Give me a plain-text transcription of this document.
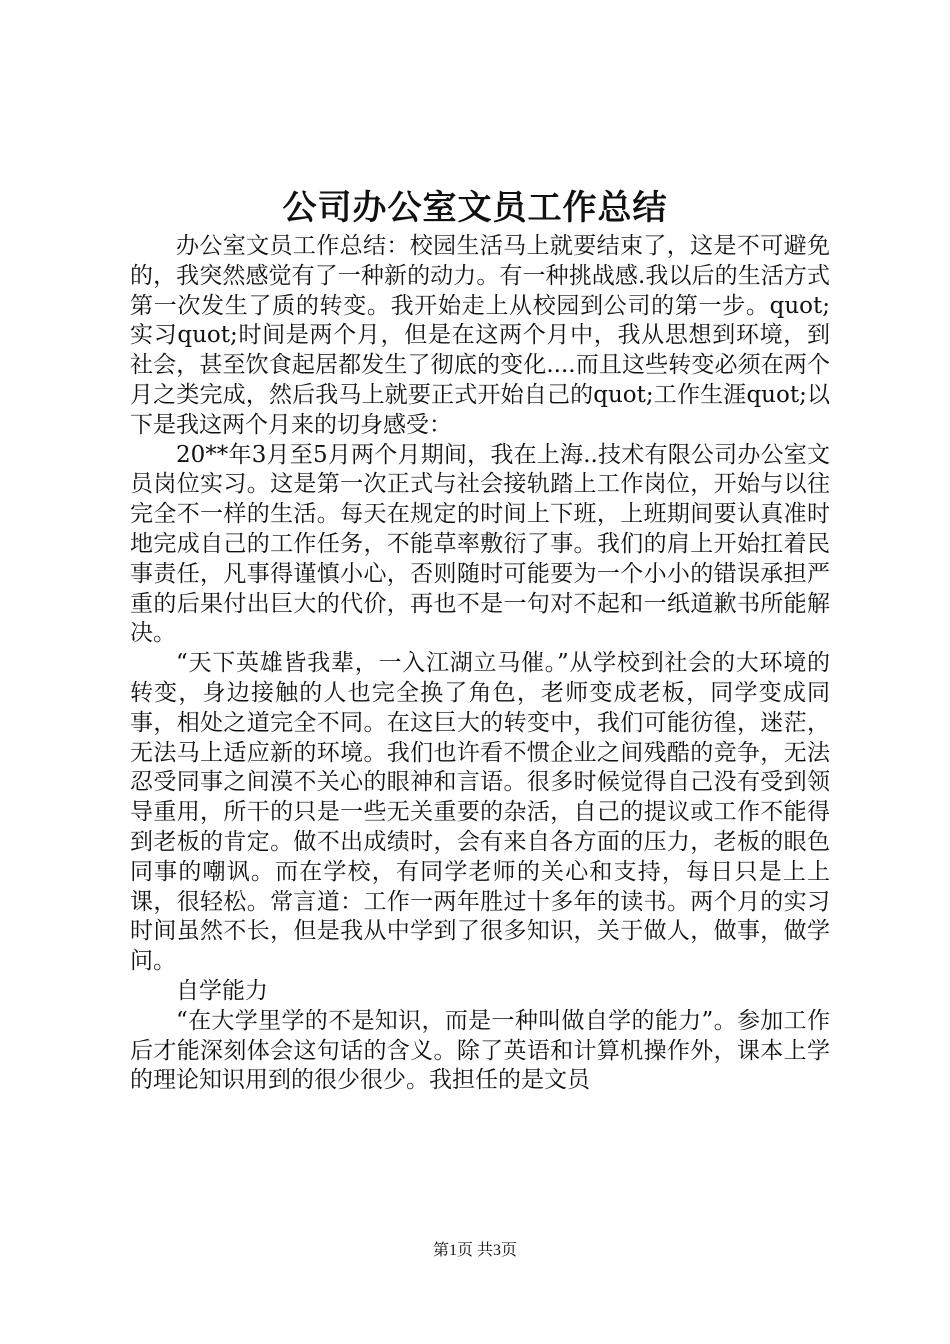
公司办公室文员工作总结

办公室文员工作总结：校园生活马上就要结束了，这是不可避免的，我突然感觉有了一种新的动力。有一种挑战感.我以后的生活方式第一次发生了质的转变。我开始走上从校园到公司的第一步。quot;实习quot;时间是两个月，但是在这两个月中，我从思想到环境，到社会，甚至饮食起居都发生了彻底的变化....而且这些转变必须在两个月之类完成，然后我马上就要正式开始自己的quot;工作生涯quot;以下是我这两个月来的切身感受：

20**年3月至5月两个月期间，我在上海..技术有限公司办公室文员岗位实习。这是第一次正式与社会接轨踏上工作岗位，开始与以往完全不一样的生活。每天在规定的时间上下班，上班期间要认真准时地完成自己的工作任务，不能草率敷衍了事。我们的肩上开始扛着民事责任，凡事得谨慎小心，否则随时可能要为一个小小的错误承担严重的后果付出巨大的代价，再也不是一句对不起和一纸道歉书所能解决。

“天下英雄皆我辈，一入江湖立马催。”从学校到社会的大环境的转变，身边接触的人也完全换了角色，老师变成老板，同学变成同事，相处之道完全不同。在这巨大的转变中，我们可能彷徨，迷茫，无法马上适应新的环境。我们也许看不惯企业之间残酷的竞争，无法忍受同事之间漠不关心的眼神和言语。很多时候觉得自己没有受到领导重用，所干的只是一些无关重要的杂活，自己的提议或工作不能得到老板的肯定。做不出成绩时，会有来自各方面的压力，老板的眼色同事的嘲讽。而在学校，有同学老师的关心和支持，每日只是上上课，很轻松。常言道：工作一两年胜过十多年的读书。两个月的实习时间虽然不长，但是我从中学到了很多知识，关于做人，做事，做学问。

自学能力

“在大学里学的不是知识，而是一种叫做自学的能力”。参加工作后才能深刻体会这句话的含义。除了英语和计算机操作外，课本上学的理论知识用到的很少很少。我担任的是文员

第1页 共3页
